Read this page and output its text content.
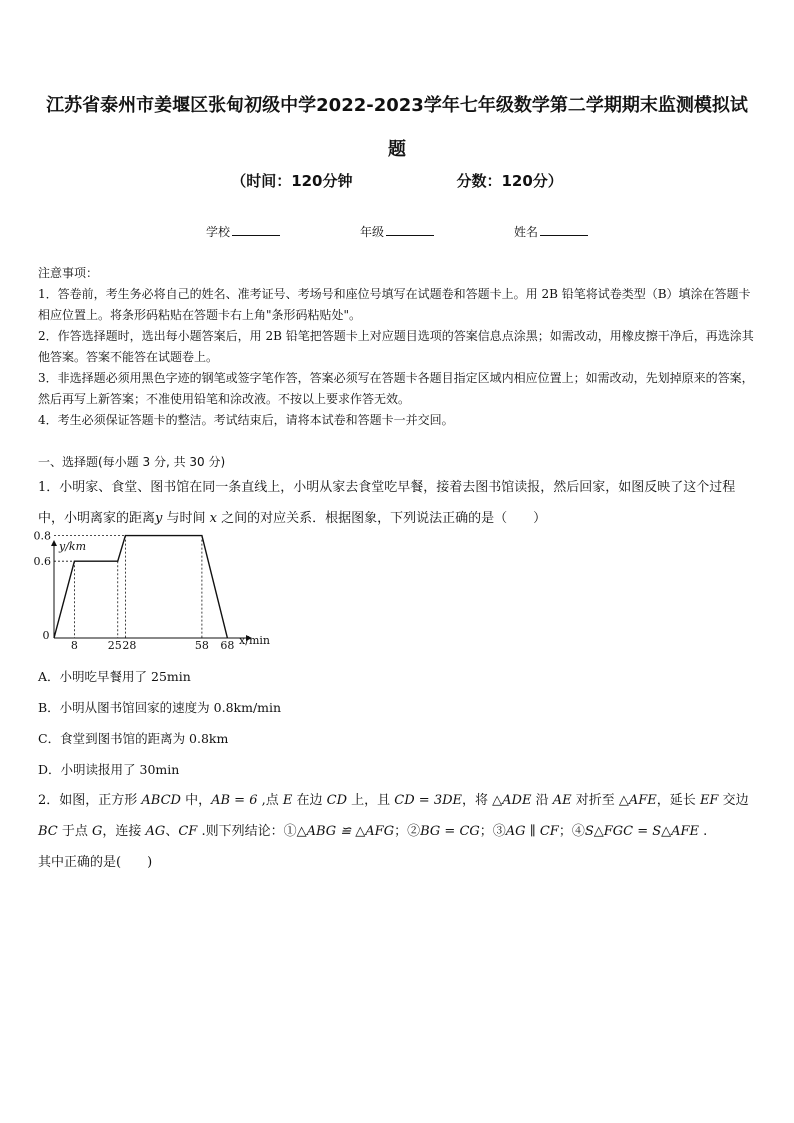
江苏省泰州市姜堰区张甸初级中学2022-2023学年七年级数学第二学期期末监测模拟试题
（时间：120分钟	分数：120分）
学校	年级	姓名
注意事项：
1．答卷前，考生务必将自己的姓名、准考证号、考场号和座位号填写在试题卷和答题卡上。用 2B 铅笔将试卷类型（B）填涂在答题卡相应位置上。将条形码粘贴在答题卡右上角"条形码粘贴处"。
2．作答选择题时，选出每小题答案后，用 2B 铅笔把答题卡上对应题目选项的答案信息点涂黑；如需改动，用橡皮擦干净后，再选涂其他答案。答案不能答在试题卷上。
3．非选择题必须用黑色字迹的钢笔或签字笔作答，答案必须写在答题卡各题目指定区域内相应位置上；如需改动，先划掉原来的答案，然后再写上新答案；不准使用铅笔和涂改液。不按以上要求作答无效。
4．考生必须保证答题卡的整洁。考试结束后，请将本试卷和答题卡一并交回。
一、选择题(每小题 3 分, 共 30 分)
1．小明家、食堂、图书馆在同一条直线上，小明从家去食堂吃早餐，接着去图书馆读报，然后回家，如图反映了这个过程中，小明离家的距离y 与时间 x 之间的对应关系．根据图象，下列说法正确的是（　　）
y/km
x/min
0
0.6
0.8
8	25 28	58 68
A．小明吃早餐用了 25min
B．小明从图书馆回家的速度为 0.8km/min
C．食堂到图书馆的距离为 0.8km
D．小明读报用了 30min
2．如图，正方形 ABCD 中，AB = 6 ,点 E 在边 CD 上，且 CD = 3DE，将 △ADE 沿 AE 对折至 △AFE，延长 EF 交边 BC 于点 G，连接 AG、CF .则下列结论：①△ABG ≌ △AFG；②BG = CG；③AG ∥ CF；④S△FGC = S△AFE .
其中正确的是(　　)
